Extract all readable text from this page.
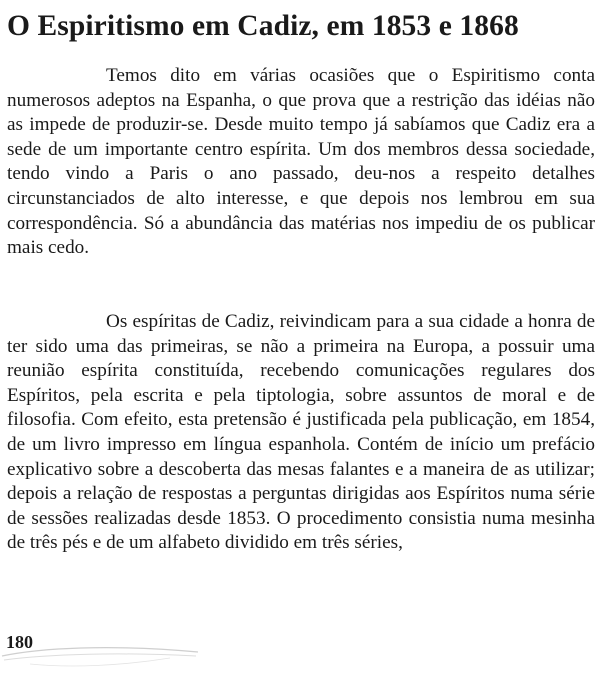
O Espiritismo em Cadiz, em 1853 e 1868

Temos dito em várias ocasiões que o Espiritismo conta numerosos adeptos na Espanha, o que prova que a restrição das idéias não as impede de produzir-se. Desde muito tempo já sabíamos que Cadiz era a sede de um importante centro espírita. Um dos membros dessa sociedade, tendo vindo a Paris o ano passado, deu-nos a respeito detalhes circunstanciados de alto interesse, e que depois nos lembrou em sua correspondência. Só a abundância das matérias nos impediu de os publicar mais cedo.

Os espíritas de Cadiz, reivindicam para a sua cidade a honra de ter sido uma das primeiras, se não a primeira na Europa, a possuir uma reunião espírita constituída, recebendo comunicações regulares dos Espíritos, pela escrita e pela tiptologia, sobre assuntos de moral e de filosofia. Com efeito, esta pretensão é justificada pela publicação, em 1854, de um livro impresso em língua espanhola. Contém de início um prefácio explicativo sobre a descoberta das mesas falantes e a maneira de as utilizar; depois a relação de respostas a perguntas dirigidas aos Espíritos numa série de sessões realizadas desde 1853. O procedimento consistia numa mesinha de três pés e de um alfabeto dividido em três séries,

180
